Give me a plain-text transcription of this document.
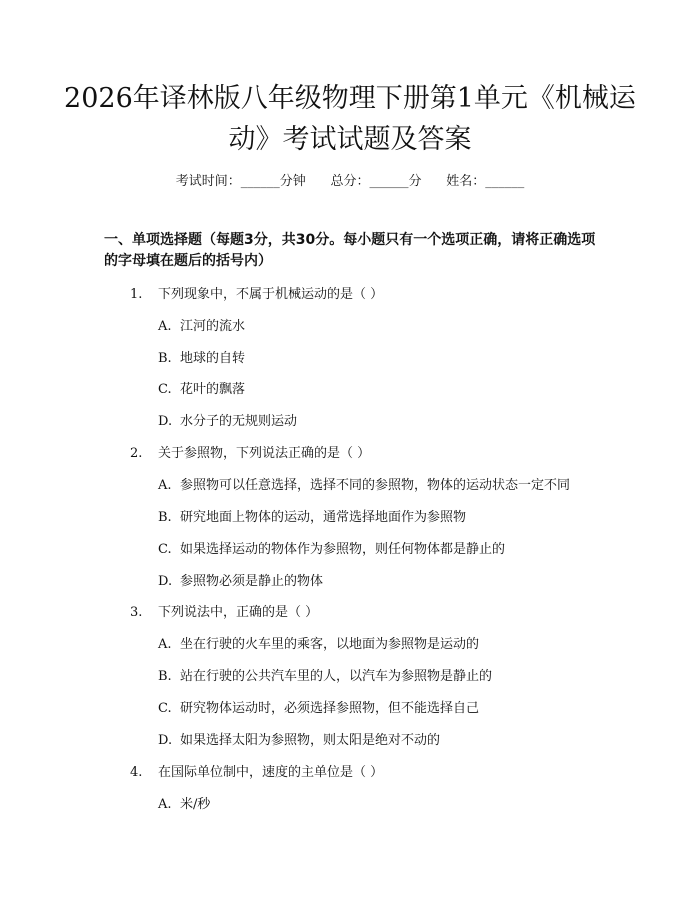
2026年译林版八年级物理下册第1单元《机械运动》考试试题及答案
考试时间：______分钟      总分：______分      姓名：______
一、单项选择题（每题3分，共30分。每小题只有一个选项正确，请将正确选项的字母填在题后的括号内）
1. 下列现象中，不属于机械运动的是（ ）
A. 江河的流水
B. 地球的自转
C. 花叶的飘落
D. 水分子的无规则运动
2. 关于参照物，下列说法正确的是（ ）
A. 参照物可以任意选择，选择不同的参照物，物体的运动状态一定不同
B. 研究地面上物体的运动，通常选择地面作为参照物
C. 如果选择运动的物体作为参照物，则任何物体都是静止的
D. 参照物必须是静止的物体
3. 下列说法中，正确的是（ ）
A. 坐在行驶的火车里的乘客，以地面为参照物是运动的
B. 站在行驶的公共汽车里的人，以汽车为参照物是静止的
C. 研究物体运动时，必须选择参照物，但不能选择自己
D. 如果选择太阳为参照物，则太阳是绝对不动的
4. 在国际单位制中，速度的主单位是（ ）
A. 米/秒
